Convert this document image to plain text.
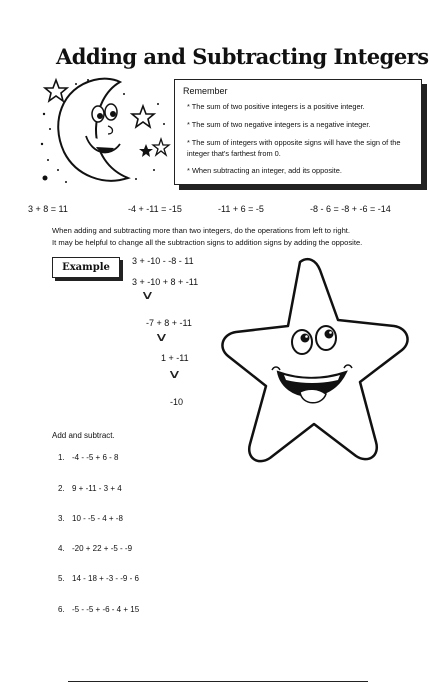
Adding and Subtracting Integers
Remember
* The sum of two positive integers is a positive integer.
* The sum of two negative integers is a negative integer.
* The sum of integers with opposite signs will have the sign of the integer that's farthest from 0.
* When subtracting an integer, add its opposite.
3 + 8 = 11	-4 + -11 = -15	-11 + 6 = -5	-8 - 6 = -8 + -6 = -14
When adding and subtracting more than two integers, do the operations from left to right.
It may be helpful to change all the subtraction signs to addition signs by adding the opposite.
Example
3 + -10 - -8 - 11
3 + -10 + 8 + -11
∨
-7 + 8 + -11
∨
1 + -11
∨
-10
Add and subtract.
1. -4 - -5 + 6 - 8
2. 9 + -11 - 3 + 4
3. 10 - -5 - 4 + -8
4. -20 + 22 + -5 - -9
5. 14 - 18 + -3 - -9 - 6
6. -5 - -5 + -6 - 4 + 15
